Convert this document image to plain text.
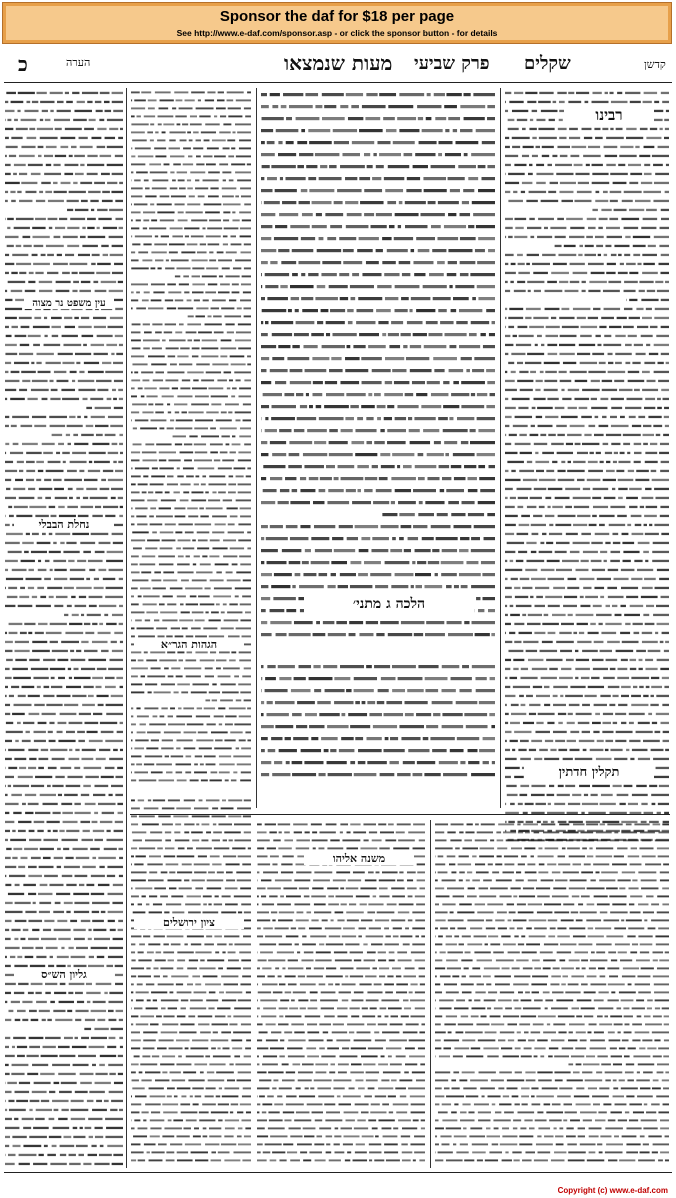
Sponsor the daf for $18 per page
See http://www.e-daf.com/sponsor.asp - or click the sponsor button - for details
כ	הערה	מעות שנמצאו פרק שביעי שקלים	קדשן
רבינו
תקלין חדתין
הלכה ג מתני׳
משנה אליהו
גליון הש״ס
ציון ירושלים
הגהות הגר״א
נחלת הבבלי
עין משפט נר מצוה
Copyright (c) www.e-daf.com
